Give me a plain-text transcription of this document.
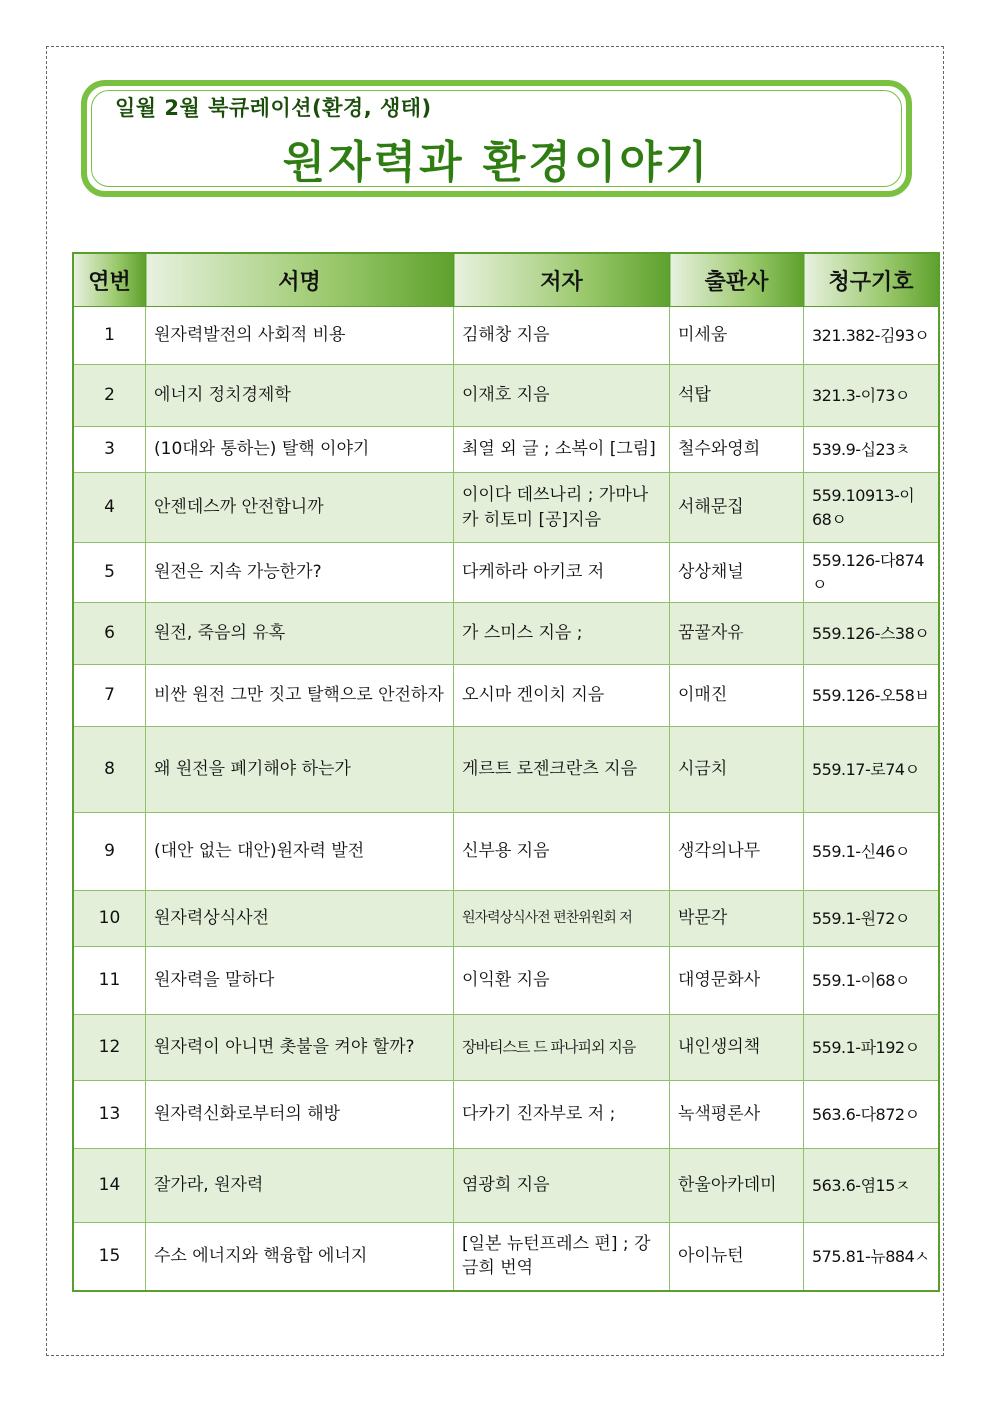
일월 2월 북큐레이션(환경, 생태)
원자력과 환경이야기
연번	서명	저자	출판사	청구기호
1	원자력발전의 사회적 비용	김해창 지음	미세움	321.382-김93ㅇ
2	에너지 정치경제학	이재호 지음	석탑	321.3-이73ㅇ
3	(10대와 통하는) 탈핵 이야기	최열 외 글 ; 소복이 [그림]	철수와영희	539.9-십23ㅊ
4	안젠데스까 안전합니까	이이다 데쓰나리 ; 가마나카 히토미 [공]지음	서해문집	559.10913-이68ㅇ
5	원전은 지속 가능한가?	다케하라 아키코 저	상상채널	559.126-다874ㅇ
6	원전, 죽음의 유혹	가 스미스 지음 ;	꿈꿀자유	559.126-스38ㅇ
7	비싼 원전 그만 짓고 탈핵으로 안전하자	오시마 겐이치 지음	이매진	559.126-오58ㅂ
8	왜 원전을 폐기해야 하는가	게르트 로젠크란츠 지음	시금치	559.17-로74ㅇ
9	(대안 없는 대안)원자력 발전	신부용 지음	생각의나무	559.1-신46ㅇ
10	원자력상식사전	원자력상식사전 편찬위원회 저	박문각	559.1-원72ㅇ
11	원자력을 말하다	이익환 지음	대영문화사	559.1-이68ㅇ
12	원자력이 아니면 촛불을 켜야 할까?	장바티스트 드 파나피외 지음	내인생의책	559.1-파192ㅇ
13	원자력신화로부터의 해방	다카기 진자부로 저 ;	녹색평론사	563.6-다872ㅇ
14	잘가라, 원자력	염광희 지음	한울아카데미	563.6-염15ㅈ
15	수소 에너지와 핵융합 에너지	[일본 뉴턴프레스 편] ; 강금희 번역	아이뉴턴	575.81-뉴884ㅅ
